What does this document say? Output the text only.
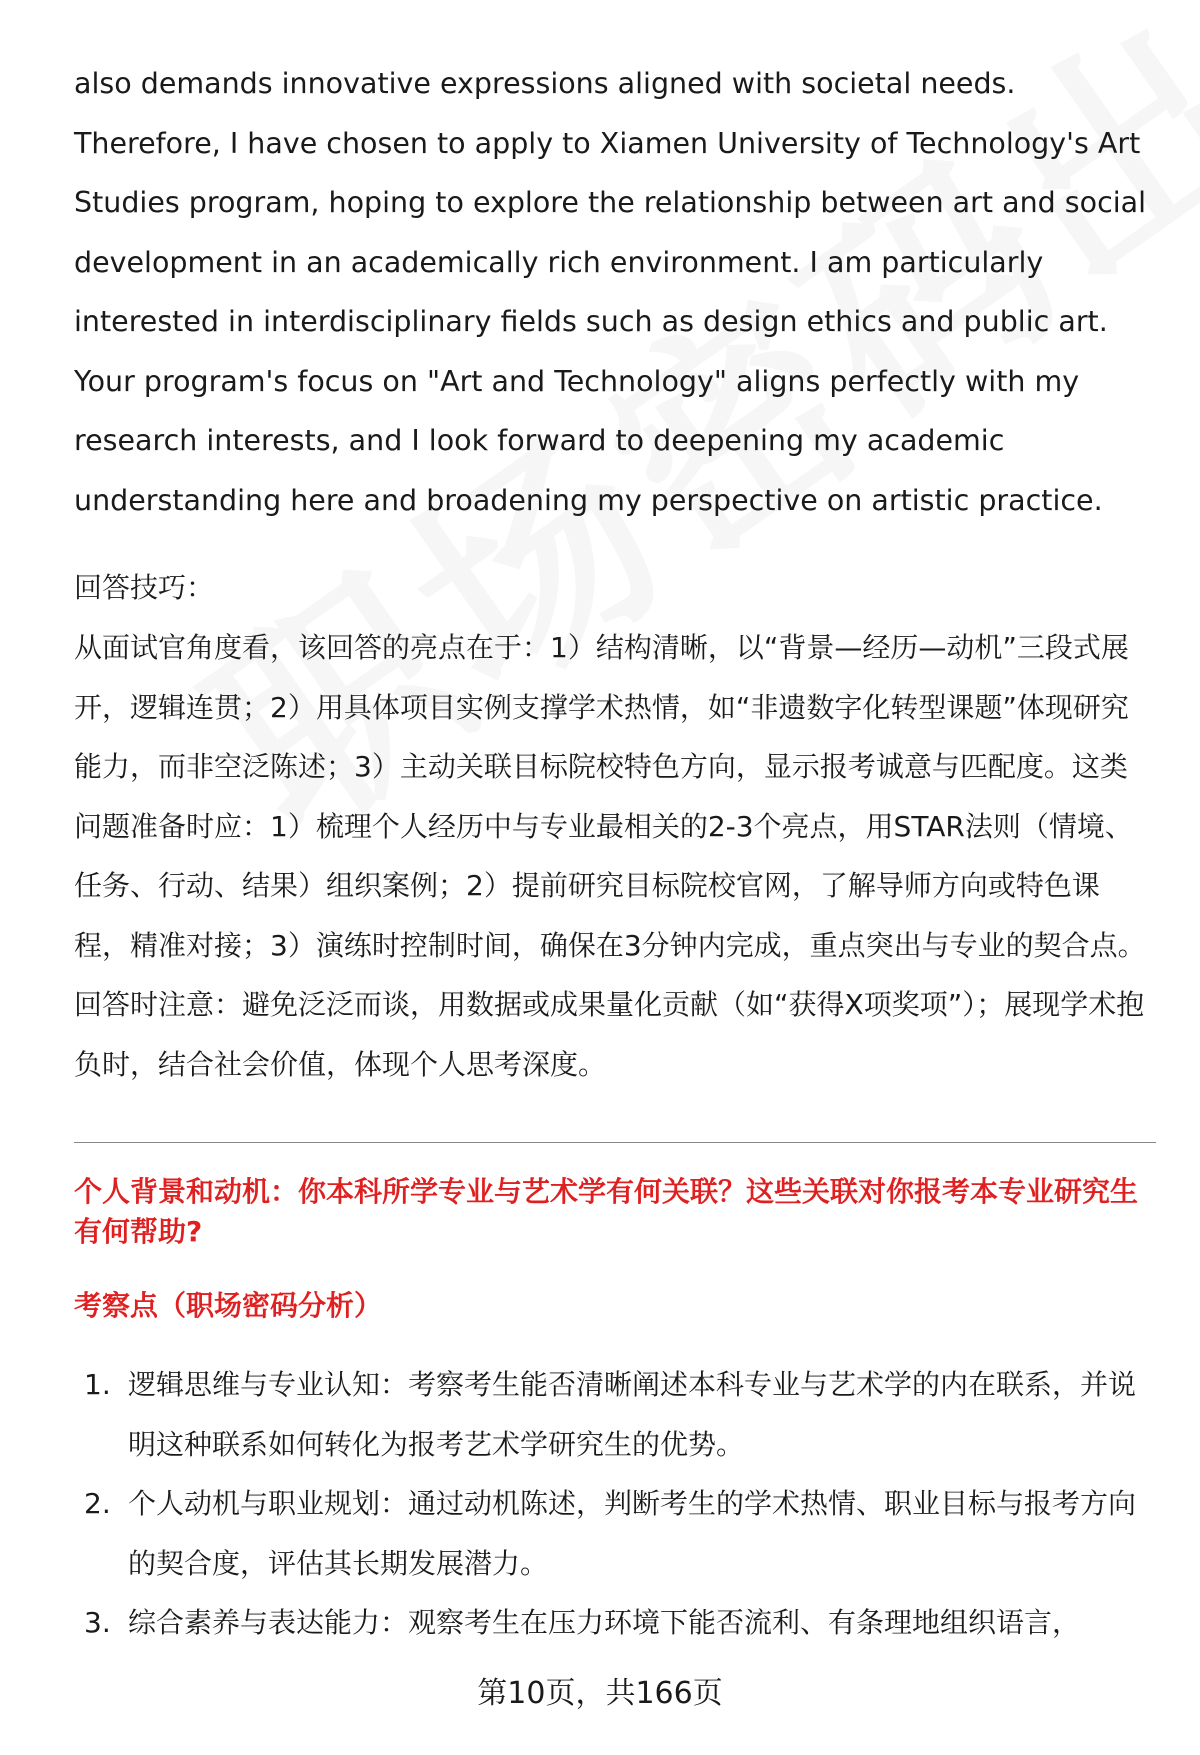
also demands innovative expressions aligned with societal needs. Therefore, I have chosen to apply to Xiamen University of Technology's Art Studies program, hoping to explore the relationship between art and social development in an academically rich environment. I am particularly interested in interdisciplinary fields such as design ethics and public art. Your program's focus on "Art and Technology" aligns perfectly with my research interests, and I look forward to deepening my academic understanding here and broadening my perspective on artistic practice.

回答技巧：

从面试官角度看，该回答的亮点在于：1）结构清晰，以“背景—经历—动机”三段式展开，逻辑连贯；2）用具体项目实例支撑学术热情，如“非遗数字化转型课题”体现研究能力，而非空泛陈述；3）主动关联目标院校特色方向，显示报考诚意与匹配度。这类问题准备时应：1）梳理个人经历中与专业最相关的2-3个亮点，用STAR法则（情境、任务、行动、结果）组织案例；2）提前研究目标院校官网，了解导师方向或特色课程，精准对接；3）演练时控制时间，确保在3分钟内完成，重点突出与专业的契合点。回答时注意：避免泛泛而谈，用数据或成果量化贡献（如“获得X项奖项”）；展现学术抱负时，结合社会价值，体现个人思考深度。

个人背景和动机：你本科所学专业与艺术学有何关联？这些关联对你报考本专业研究生有何帮助?

考察点（职场密码分析）

1. 逻辑思维与专业认知：考察考生能否清晰阐述本科专业与艺术学的内在联系，并说明这种联系如何转化为报考艺术学研究生的优势。
2. 个人动机与职业规划：通过动机陈述，判断考生的学术热情、职业目标与报考方向的契合度，评估其长期发展潜力。
3. 综合素养与表达能力：观察考生在压力环境下能否流利、有条理地组织语言，
第10页，共166页
